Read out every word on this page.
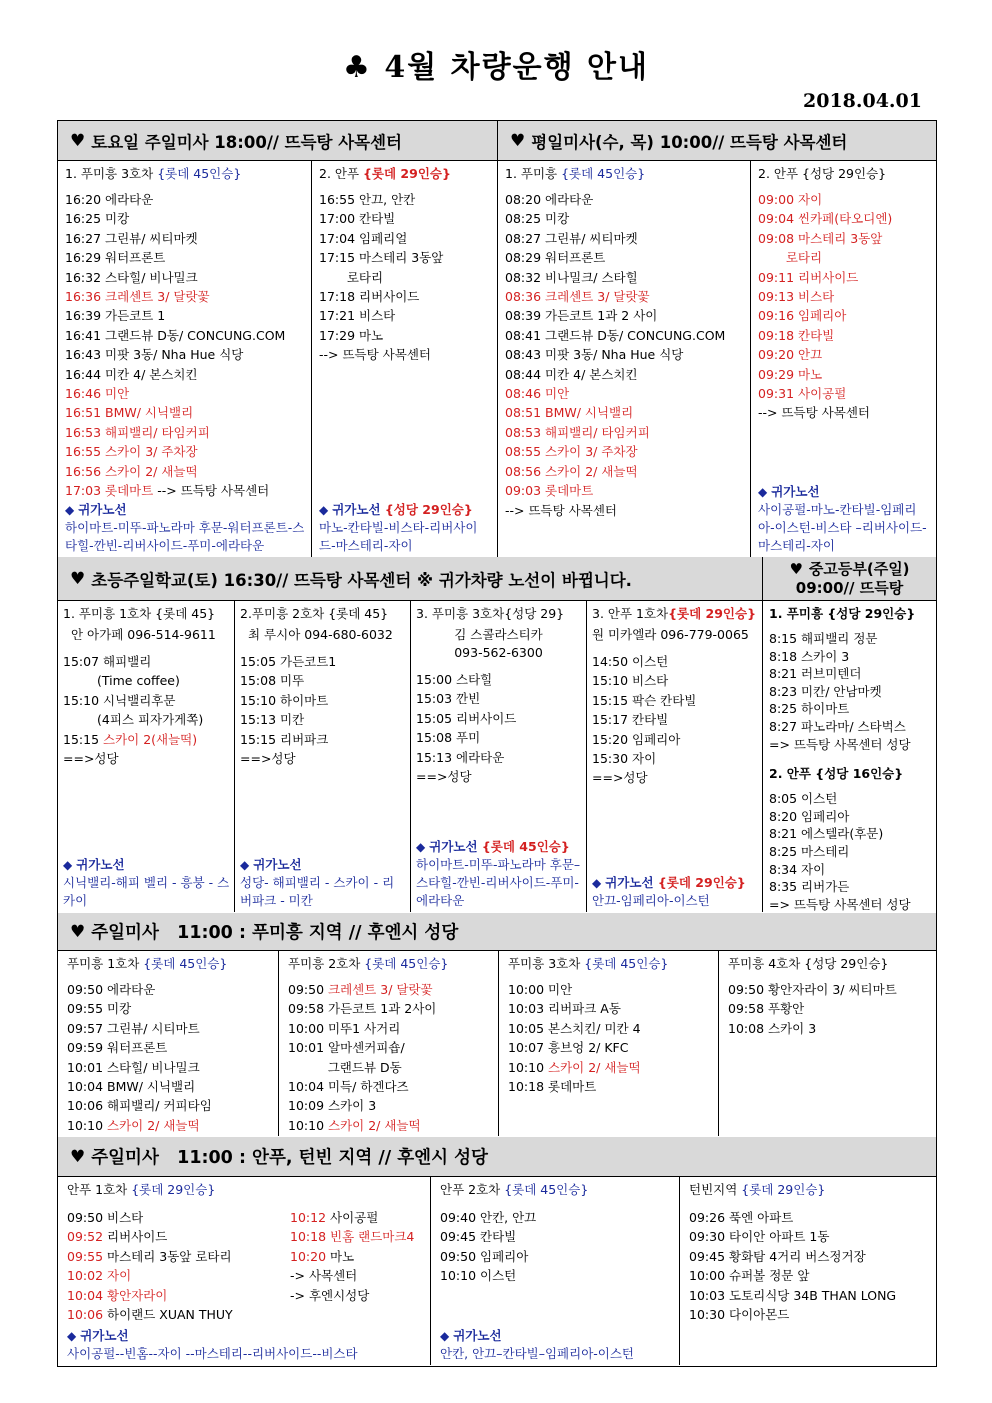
♣ 4월 차량운행 안내
2018.04.01
♥ 토요일 주일미사 18:00// 뜨득탕 사목센터	♥ 평일미사(수, 목) 10:00// 뜨득탕 사목센터
1. 푸미흥 3호차 {롯데 45인승}
16:20 에라타운
16:25 미캉
16:27 그린뷰/ 씨티마켓
16:29 워터프론트
16:32 스타힐/ 비나밀크
16:36 크레센트 3/ 달랏꽃
16:39 가든코트 1
16:41 그랜드뷰 D동/ CONCUNG.COM
16:43 미팟 3동/ Nha Hue 식당
16:44 미칸 4/ 본스치킨
16:46 미안
16:51 BMW/ 시닉밸리
16:53 해피밸리/ 타임커피
16:55 스카이 3/ 주차장
16:56 스카이 2/ 새늘떡
17:03 롯데마트 --> 뜨득탕 사목센터
◆ 귀가노선
하이마트-미뚜-파노라마 후문-워터프론트-스타힐-깐빈-리버사이드-푸미-에라타운
2. 안푸 {롯데 29인승}
16:55 안끄, 안칸
17:00 칸타빌
17:04 임페리얼
17:15 마스테리 3동앞
로타리
17:18 리버사이드
17:21 비스타
17:29 마노
--> 뜨득탕 사목센터
◆ 귀가노선 {성당 29인승}
마노-칸타빌-비스타-리버사이드-마스테리-자이
1. 푸미흥 {롯데 45인승}
08:20 에라타운
08:25 미캉
08:27 그린뷰/ 씨티마켓
08:29 워터프론트
08:32 비나밀크/ 스타힐
08:36 크레센트 3/ 달랏꽃
08:39 가든코트 1과 2 사이
08:41 그랜드뷰 D동/ CONCUNG.COM
08:43 미팟 3동/ Nha Hue 식당
08:44 미칸 4/ 본스치킨
08:46 미안
08:51 BMW/ 시닉밸리
08:53 해피밸리/ 타임커피
08:55 스카이 3/ 주차장
08:56 스카이 2/ 새늘떡
09:03 롯데마트
--> 뜨득탕 사목센터
2. 안푸 {성당 29인승}
09:00 자이
09:04 씬카페(타오디엔)
09:08 마스테리 3동앞
로타리
09:11 리버사이드
09:13 비스타
09:16 임페리아
09:18 칸타빌
09:20 안끄
09:29 마노
09:31 사이공펄
--> 뜨득탕 사목센터
◆ 귀가노선
사이공펄-마노-칸타빌-임페리아-이스턴-비스타 –리버사이드-마스테리-자이
♥ 초등주일학교(토) 16:30// 뜨득탕 사목센터 ※ 귀가차량 노선이 바뀝니다.
♥ 중고등부(주일)
09:00// 뜨득탕
1. 푸미흥 1호차 {롯데 45}
안 아가페 096-514-9611
15:07 해피밸리
(Time coffee)
15:10 시닉밸리후문
(4피스 피자가게쪽)
15:15 스카이 2(새늘떡)
==>성당
◆ 귀가노선
시닉밸리-해피 벨리 - 흥붕 - 스카이
2.푸미흥 2호차 {롯데 45}
최 루시아 094-680-6032
15:05 가든코트1
15:08 미뚜
15:10 하이마트
15:13 미칸
15:15 리버파크
==>성당
◆ 귀가노선
성당- 해피밸리 - 스카이 - 리버파크 - 미칸
3. 푸미흥 3호차{성당 29}
김 스콜라스티카
093-562-6300
15:00 스타힐
15:03 깐빈
15:05 리버사이드
15:08 푸미
15:13 에라타운
==>성당
◆ 귀가노선 {롯데 45인승}
하이마트-미뚜-파노라마 후문–스타힐-깐빈-리버사이드-푸미-에라타운
3. 안푸 1호차{롯데 29인승}
원 미카엘라 096-779-0065
14:50 이스턴
15:10 비스타
15:15 팍슨 칸타빌
15:17 칸타빌
15:20 임페리아
15:30 자이
==>성당
◆ 귀가노선 {롯데 29인승}
안끄-임페리아-이스턴
1. 푸미흥 {성당 29인승}
8:15 해피밸리 정문
8:18 스카이 3
8:21 러브미텐더
8:23 미칸/ 안남마켓
8:25 하이마트
8:27 파노라마/ 스타벅스
=> 뜨득탕 사목센터 성당
2. 안푸 {성당 16인승}
8:05 이스턴
8:20 임페리아
8:21 에스텔라(후문)
8:25 마스테리
8:34 자이
8:35 리버가든
=> 뜨득탕 사목센터 성당
♥ 주일미사   11:00 : 푸미흥 지역 // 후엔시 성당
푸미흥 1호차 {롯데 45인승}
09:50 에라타운
09:55 미캉
09:57 그린뷰/ 시티마트
09:59 워터프론트
10:01 스타힐/ 비나밀크
10:04 BMW/ 시닉밸리
10:06 해피밸리/ 커피타임
10:10 스카이 2/ 새늘떡
푸미흥 2호차 {롯데 45인승}
09:50 크레센트 3/ 달랏꽃
09:58 가든코트 1과 2사이
10:00 미뚜1 사거리
10:01 알마센커피숍/
그랜드뷰 D동
10:04 미득/ 하겐다즈
10:09 스카이 3
10:10 스카이 2/ 새늘떡
푸미흥 3호차 {롯데 45인승}
10:00 미안
10:03 리버파크 A동
10:05 본스치킨/ 미칸 4
10:07 흥브엉 2/ KFC
10:10 스카이 2/ 새늘떡
10:18 롯데마트
푸미흥 4호차 {성당 29인승}
09:50 황안자라이 3/ 씨티마트
09:58 푸황안
10:08 스카이 3
♥ 주일미사   11:00 : 안푸, 턴빈 지역 // 후엔시 성당
안푸 1호차 {롯데 29인승}
09:50 비스타
09:52 리버사이드
09:55 마스테리 3동앞 로타리
10:02 자이
10:04 황안자라이
10:06 하이랜드 XUAN THUY
10:12 사이공펄
10:18 빈홈 랜드마크4
10:20 마노
-> 사목센터
-> 후엔시성당
◆ 귀가노선
사이공펄--빈홈--자이 --마스테리--리버사이드--비스타
안푸 2호차 {롯데 45인승}
09:40 안칸, 안끄
09:45 칸타빌
09:50 임페리아
10:10 이스턴
◆ 귀가노선
안칸, 안끄–칸타빌–임페리아-이스턴
턴빈지역 {롯데 29인승}
09:26 푹엔 아파트
09:30 타이안 아파트 1동
09:45 황화탐 4거리 버스정거장
10:00 슈퍼볼 정문 앞
10:03 도토리식당 34B THAN LONG
10:30 다이아몬드
